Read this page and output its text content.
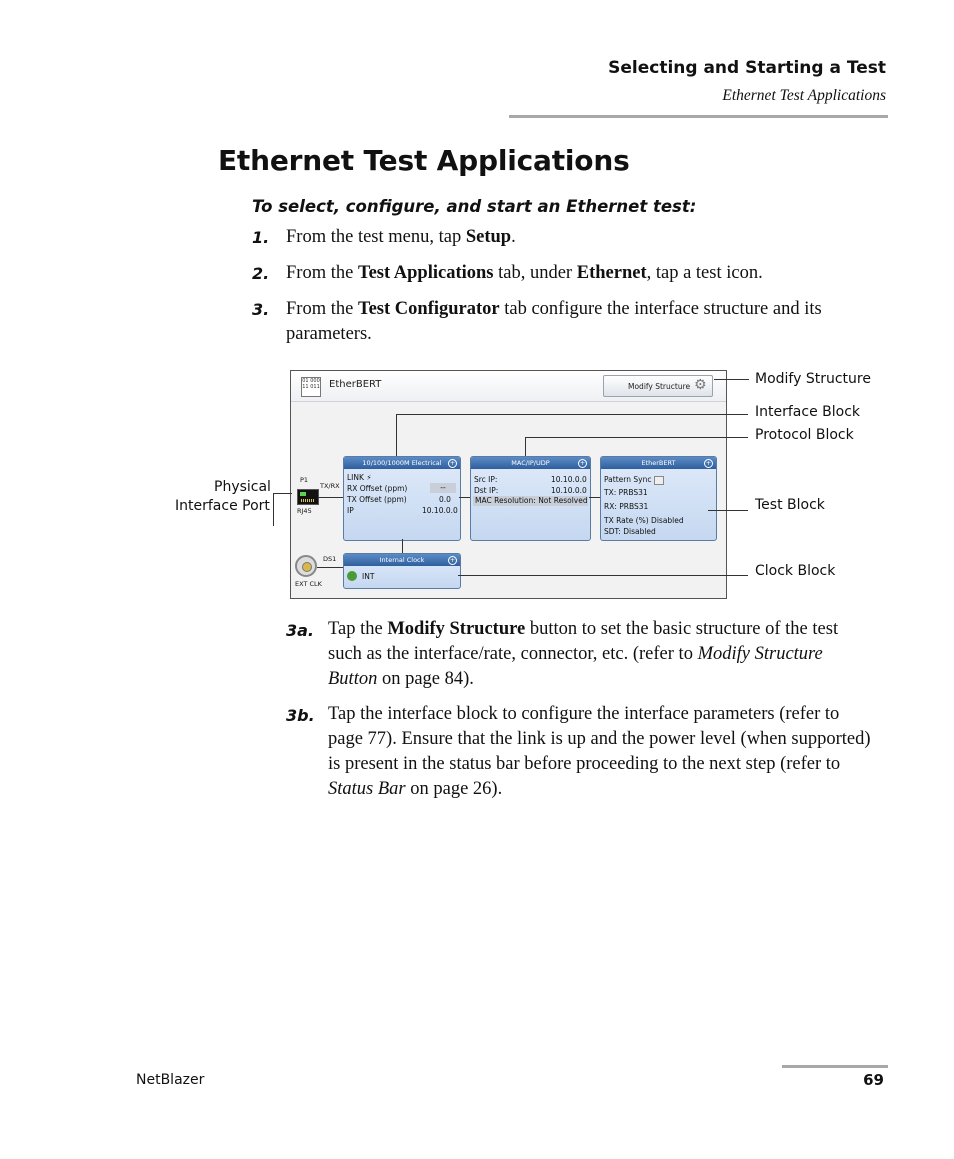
Selecting and Starting a Test
Ethernet Test Applications
Ethernet Test Applications
To select, configure, and start an Ethernet test:
1. From the test menu, tap Setup.
2. From the Test Applications tab, under Ethernet, tap a test icon.
3. From the Test Configurator tab configure the interface structure and its parameters.
01 000 11 011 EtherBERT	Modify Structure ⚙
P1
TX/RX
RJ45
DS1
EXT CLK
10/100/1000M Electrical	+
LINK ⚡
RX Offset (ppm)	--
TX Offset (ppm)	0.0
IP	10.10.0.0
MAC/IP/UDP	+
Src IP:	10.10.0.0
Dst IP:	10.10.0.0
MAC Resolution: Not Resolved
EtherBERT	+
Pattern Sync
TX: PRBS31
RX: PRBS31
TX Rate (%) Disabled
SDT: Disabled
Internal Clock	+
INT
Modify Structure
Interface Block
Protocol Block
Test Block
Clock Block
Physical
Interface Port
3a. Tap the Modify Structure button to set the basic structure of the test such as the interface/rate, connector, etc. (refer to Modify Structure Button on page 84).
3b. Tap the interface block to configure the interface parameters (refer to page 77). Ensure that the link is up and the power level (when supported) is present in the status bar before proceeding to the next step (refer to Status Bar on page 26).
NetBlazer	69
